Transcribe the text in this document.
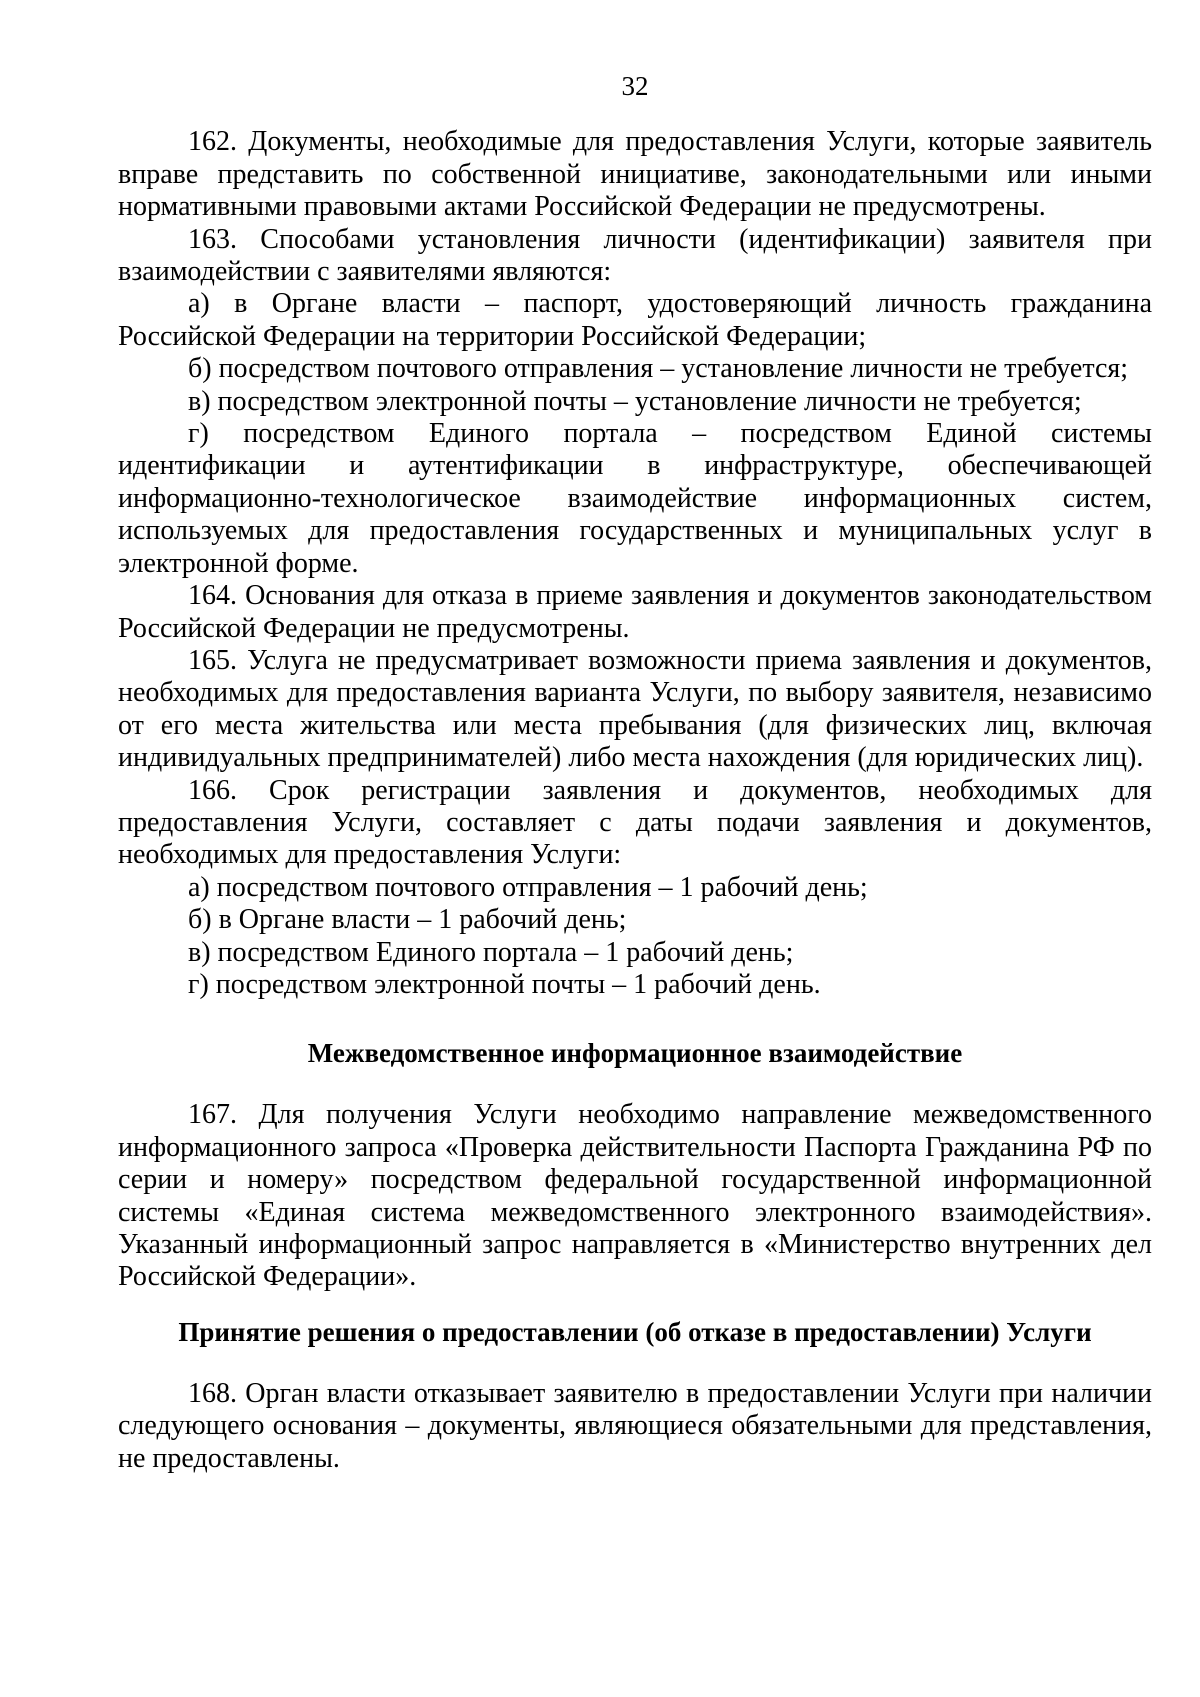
32

162. Документы, необходимые для предоставления Услуги, которые заявитель вправе представить по собственной инициативе, законодательными или иными нормативными правовыми актами Российской Федерации не предусмотрены.

163. Способами установления личности (идентификации) заявителя при взаимодействии с заявителями являются:

а) в Органе власти – паспорт, удостоверяющий личность гражданина Российской Федерации на территории Российской Федерации;

б) посредством почтового отправления – установление личности не требуется;

в) посредством электронной почты – установление личности не требуется;

г) посредством Единого портала – посредством Единой системы идентификации и аутентификации в инфраструктуре, обеспечивающей информационно-технологическое взаимодействие информационных систем, используемых для предоставления государственных и муниципальных услуг в электронной форме.

164. Основания для отказа в приеме заявления и документов законодательством Российской Федерации не предусмотрены.

165. Услуга не предусматривает возможности приема заявления и документов, необходимых для предоставления варианта Услуги, по выбору заявителя, независимо от его места жительства или места пребывания (для физических лиц, включая индивидуальных предпринимателей) либо места нахождения (для юридических лиц).

166. Срок регистрации заявления и документов, необходимых для предоставления Услуги, составляет с даты подачи заявления и документов, необходимых для предоставления Услуги:

а) посредством почтового отправления – 1 рабочий день;

б) в Органе власти – 1 рабочий день;

в) посредством Единого портала – 1 рабочий день;

г) посредством электронной почты – 1 рабочий день.

Межведомственное информационное взаимодействие

167. Для получения Услуги необходимо направление межведомственного информационного запроса «Проверка действительности Паспорта Гражданина РФ по серии и номеру» посредством федеральной государственной информационной системы «Единая система межведомственного электронного взаимодействия». Указанный информационный запрос направляется в «Министерство внутренних дел Российской Федерации».

Принятие решения о предоставлении (об отказе в предоставлении) Услуги

168. Орган власти отказывает заявителю в предоставлении Услуги при наличии следующего основания – документы, являющиеся обязательными для представления, не предоставлены.
